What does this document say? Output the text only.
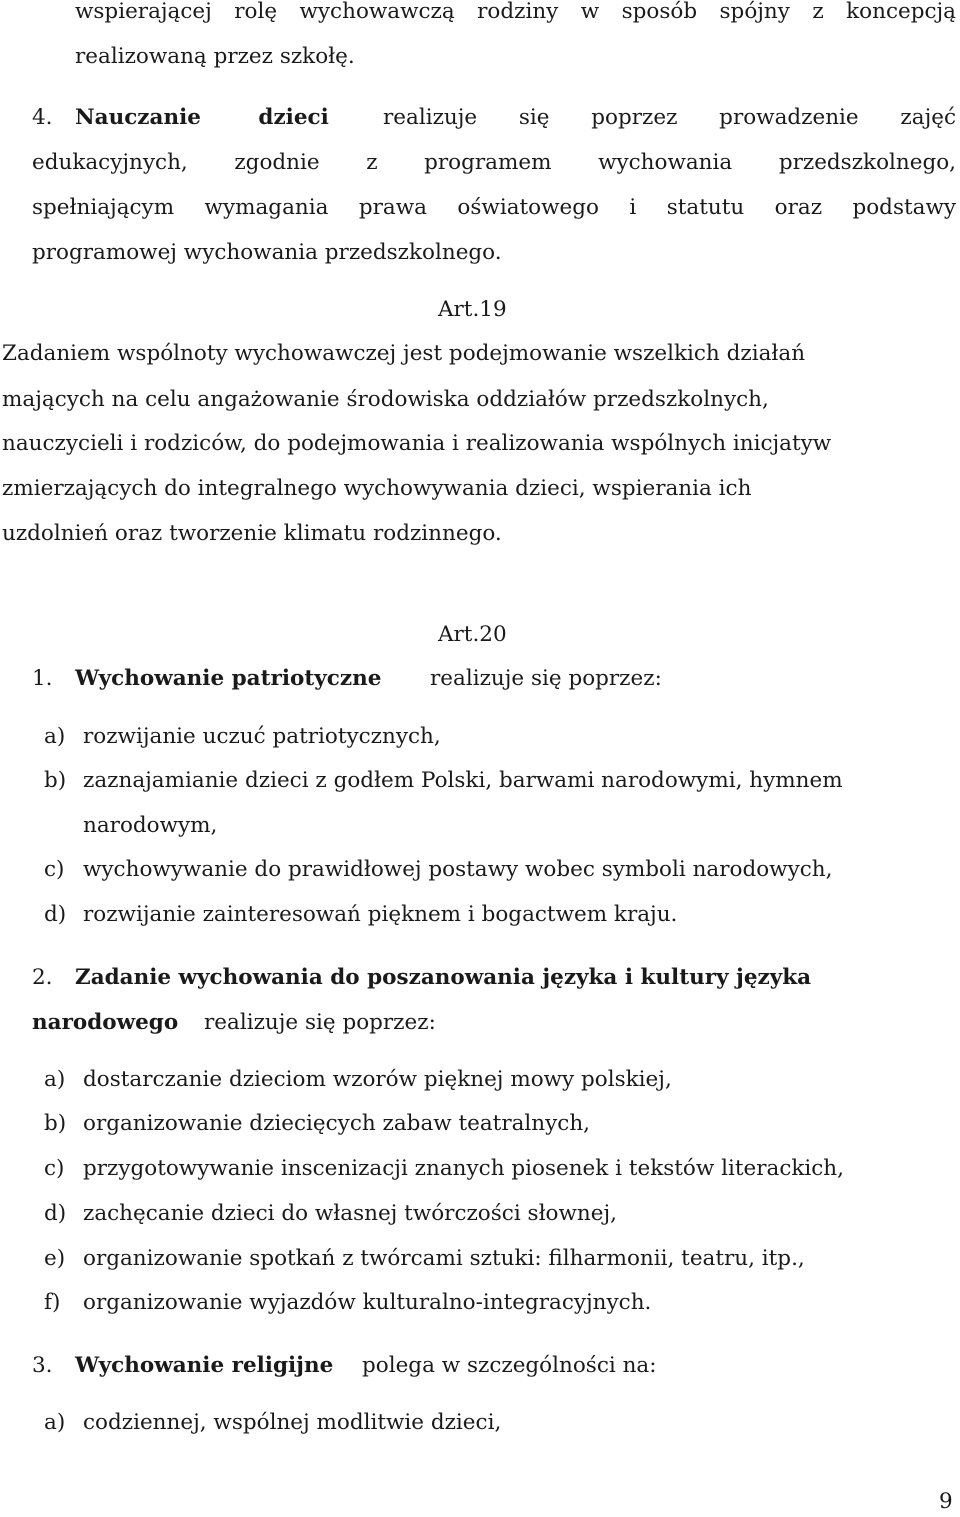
wspierającej rolę wychowawczą rodziny w sposób spójny z koncepcją
realizowaną przez szkołę.
4. Nauczanie dzieci	realizuje się poprzez prowadzenie zajęć
edukacyjnych, zgodnie z programem wychowania przedszkolnego,
spełniającym wymagania prawa oświatowego i statutu oraz podstawy
programowej wychowania przedszkolnego.
Art.19
Zadaniem wspólnoty wychowawczej jest podejmowanie wszelkich działań
mających na celu angażowanie środowiska oddziałów przedszkolnych,
nauczycieli i rodziców, do podejmowania i realizowania wspólnych inicjatyw
zmierzających do integralnego wychowywania dzieci, wspierania ich
uzdolnień oraz tworzenie klimatu rodzinnego.
Art.20
1. Wychowanie patriotyczne realizuje się poprzez:
a) rozwijanie uczuć patriotycznych,
b) zaznajamianie dzieci z godłem Polski, barwami narodowymi, hymnem
narodowym,
c) wychowywanie do prawidłowej postawy wobec symboli narodowych,
d) rozwijanie zainteresowań pięknem i bogactwem kraju.
2. Zadanie wychowania do poszanowania języka i kultury języka
narodowego realizuje się poprzez:
a) dostarczanie dzieciom wzorów pięknej mowy polskiej,
b) organizowanie dziecięcych zabaw teatralnych,
c) przygotowywanie inscenizacji znanych piosenek i tekstów literackich,
d) zachęcanie dzieci do własnej twórczości słownej,
e) organizowanie spotkań z twórcami sztuki: filharmonii, teatru, itp.,
f) organizowanie wyjazdów kulturalno-integracyjnych.
3. Wychowanie religijne polega w szczególności na:
a) codziennej, wspólnej modlitwie dzieci,
9
